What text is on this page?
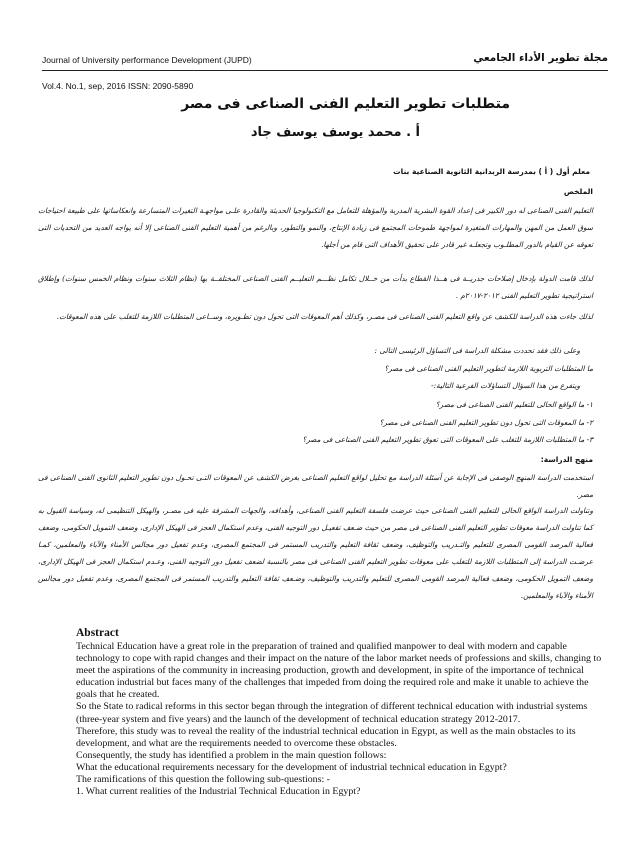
Journal of University performance Development (JUPD)	مجلة تطوير الأداء الجامعي
Vol.4. No.1, sep, 2016 ISSN: 2090-5890
متطلبات تطوير التعليم الفنى الصناعى فى مصر
أ . محمد يوسف يوسف جاد
معلم أول ( أ ) بمدرسة الربدانية الثانوية الصناعية بنات
الملخص
التعليم الفنى الصناعى له دور الكبير فى إعداد القوة البشرية المدربة والمؤهلة للتعامل مع التكنولوجيا الحديثة والقادرة علـى مواجهـة التغيرات المتسارعة وانعكاساتها على طبيعة احتياجات سوق العمل من المهن والمهارات المتغيرة لمواجهة طموحات المجتمع فى زيادة الإنتاج، والنمو والتطور، وبالرغم من أهمية التعليم الفنى الصناعى إلا أنه يواجه العديد من التحديات التى تعوقه عن القيام بالدور المطلـوب وتجعلـه غير قادر على تحقيق الأهداف التى قام من أجلها.
لذلك قامت الدولة بإدخال إصلاحات جذريــة فى هــذا القطاع بدأت من خــلال تكامل نظـــم التعليــم الفنى الصناعى المختلفــة بها (نظام الثلاث سنوات ونظام الخمس سنوات) وإطلاق استراتيجية تطوير التعليم الفنى ٢٠١٢-٢٠١٧م .
لذلك جاءت هذه الدراسة للكشف عن واقع التعليم الفنى الصناعى فى مصـر، وكذلك أهم المعوقات التى تحول دون تطـويره، وســاعى المتطلبات اللازمة للتغلب على هذه المعوقات.
وعلى ذلك فقد تحددت مشكلة الدراسة فى التساؤل الرئيسى التالى :
ما المتطلبات التربوية اللازمة لتطوير التعليم الفنى الصناعى فى مصر؟
ويتفرع من هذا السؤال التساؤلات الفرعية التالية:-
١- ما الواقع الحالى للتعليم الفنى الصناعى فى مصر؟
٢- ما المعوقات التى تحول دون تطوير التعليم الفنى الصناعى فى مصر؟
٣- ما المتطلبات اللازمة للتغلب على المعوقات التى تعوق تطوير التعليم الفنى الصناعى فى مصر؟
منهج الدراسة:
استخدمت الدراسة المنهج الوصفى فى الإجابة عن أسئلة الدراسة مع تحليل لواقع التعليم الصناعى بغرض الكشف عن المعوقات التـى تحـول دون تطوير التعليم الثانوى الفنى الصناعى فى مصر.
وتناولت الدراسة الواقع الحالى للتعليم الفنى الصناعى حيث عرضت فلسفة التعليم الفنى الصناعى، وأهدافه، والجهات المشرفة عليه فى مصـر، والهيكل التنظيمى له، وسياسة القبول به كما تناولت الدراسة معوقات تطوير التعليم الفنى الصناعى فى مصر من حيث ضـعف تفعيـل دور التوجيه الفنى، وعدم استكمال العجز فى الهيكل الإدارى، وضعف التمويل الحكومى، وضعف فعالية المرصد القومى المصرى للتعليم والتـدريب والتوظيف، وضعف ثقافة التعليم والتدريب المستمر فى المجتمع المصرى، وعدم تفعيل دور مجالس الأمناء والآباء والمعلمين، كمـا عرضـت الدراسة إلى المتطلبات اللازمة للتغلب على معوقات تطوير التعليم الفنى الصناعى فى مصر بالنسبة لضعف تفعيل دور التوجيه الفنى، وعـدم استكمال العجز فى الهيكل الإدارى، وضعف التمويل الحكومى، وضعف فعالية المرصد القومى المصرى للتعليم والتدريب والتوظيف، وضـعف ثقافة التعليم والتدريب المستمر فى المجتمع المصرى، وعدم تفعيل دور مجالس الأمناء والآباء والمعلمين.
Abstract

Technical Education have a great role in the preparation of trained and qualified manpower to deal with modern and capable technology to cope with rapid changes and their impact on the nature of the labor market needs of professions and skills, changing to meet the aspirations of the community in increasing production, growth and development, in spite of the importance of technical education industrial but faces many of the challenges that impeded from doing the required role and make it unable to achieve the goals that he created.

So the State to radical reforms in this sector began through the integration of different technical education with industrial systems (three-year system and five years) and the launch of the development of technical education strategy 2012-2017.

Therefore, this study was to reveal the reality of the industrial technical education in Egypt, as well as the main obstacles to its development, and what are the requirements needed to overcome these obstacles.

Consequently, the study has identified a problem in the main question follows:

What the educational requirements necessary for the development of industrial technical education in Egypt?

The ramifications of this question the following sub-questions: -

1. What current realities of the Industrial Technical Education in Egypt?
